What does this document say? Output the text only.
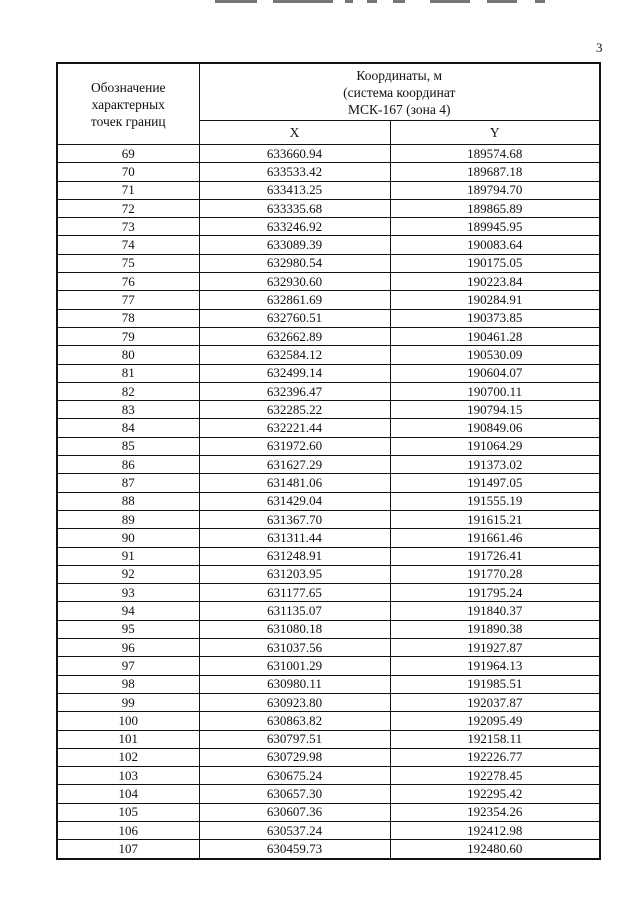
3
Обозначение
характерных
точек границ	Координаты, м
(система координат
МСК-167 (зона 4)	

	X	Y
69	633660.94	189574.68
70	633533.42	189687.18
71	633413.25	189794.70
72	633335.68	189865.89
73	633246.92	189945.95
74	633089.39	190083.64
75	632980.54	190175.05
76	632930.60	190223.84
77	632861.69	190284.91
78	632760.51	190373.85
79	632662.89	190461.28
80	632584.12	190530.09
81	632499.14	190604.07
82	632396.47	190700.11
83	632285.22	190794.15
84	632221.44	190849.06
85	631972.60	191064.29
86	631627.29	191373.02
87	631481.06	191497.05
88	631429.04	191555.19
89	631367.70	191615.21
90	631311.44	191661.46
91	631248.91	191726.41
92	631203.95	191770.28
93	631177.65	191795.24
94	631135.07	191840.37
95	631080.18	191890.38
96	631037.56	191927.87
97	631001.29	191964.13
98	630980.11	191985.51
99	630923.80	192037.87
100	630863.82	192095.49
101	630797.51	192158.11
102	630729.98	192226.77
103	630675.24	192278.45
104	630657.30	192295.42
105	630607.36	192354.26
106	630537.24	192412.98
107	630459.73	192480.60
